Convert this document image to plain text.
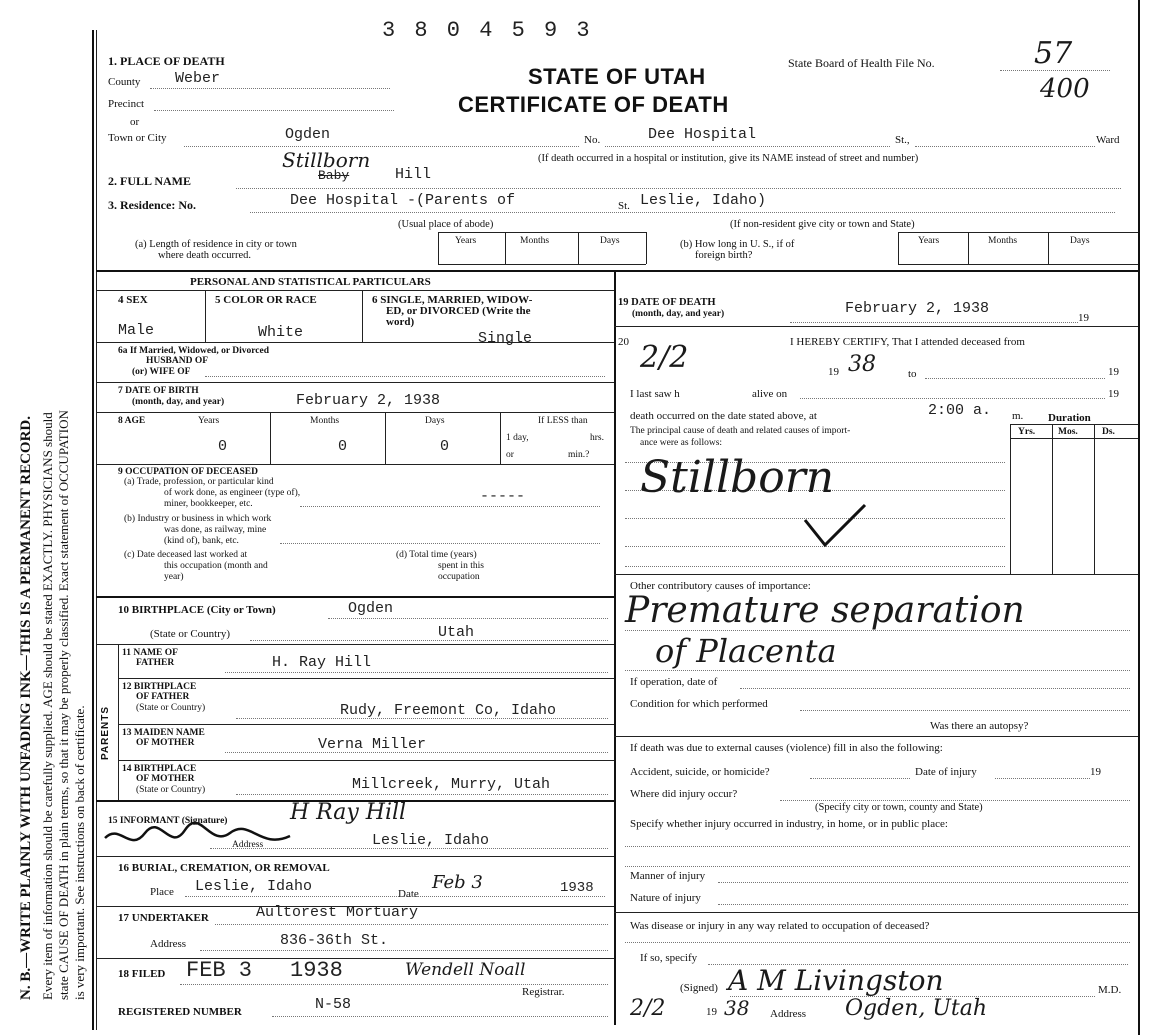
N. B.—WRITE PLAINLY WITH UNFADING INK—THIS IS A PERMANENT RECORD. Every item of information should be carefully supplied. AGE should be stated EXACTLY. PHYSICIANS should state CAUSE OF DEATH in plain terms, so that it may be properly classified. Exact statement of OCCUPATION is very important. See instructions on back of certificate.
3 8 0 4 5 9 3
STATE OF UTAH
CERTIFICATE OF DEATH
State Board of Health File No.	57
400
1. PLACE OF DEATH
County Weber
Precinct
or
Town or City	Ogden	No.	Dee Hospital	St.,	Ward
(If death occurred in a hospital or institution, give its NAME instead of street and number)
2. FULL NAME
Stillborn
Baby	Hill
3. Residence: No.	Dee Hospital -(Parents of	St. Leslie, Idaho)
(Usual place of abode)	(If non-resident give city or town and State)
(a) Length of residence in city or town
where death occurred.
Years	Months	Days	(b) How long in U. S., if of
foreign birth?
Years	Months	Days
PERSONAL AND STATISTICAL PARTICULARS
4 SEX
Male
5 COLOR OR RACE
White
6 SINGLE, MARRIED, WIDOW-
ED, or DIVORCED (Write the
word)
Single
6a If Married, Widowed, or Divorced
HUSBAND OF
(or) WIFE OF
7 DATE OF BIRTH
(month, day, and year)	February 2, 1938
8 AGE	Years	Months	Days
0	0	0
If LESS than
1 day,	hrs.
or	min.?
9 OCCUPATION OF DECEASED
(a) Trade, profession, or particular kind
of work done, as engineer (type of),
miner, bookkeeper, etc.	-----
(b) Industry or business in which work
was done, as railway, mine
(kind of), bank, etc.
(c) Date deceased last worked at
this occupation (month and
year)
(d) Total time (years)
spent in this
occupation
10 BIRTHPLACE (City or Town)	Ogden
(State or Country)	Utah
PARENTS
11 NAME OF
FATHER	H. Ray Hill
12 BIRTHPLACE
OF FATHER
(State or Country)	Rudy, Freemont Co, Idaho
13 MAIDEN NAME
OF MOTHER	Verna Miller
14 BIRTHPLACE
OF MOTHER
(State or Country)	Millcreek, Murry, Utah
15 INFORMANT (Signature)	H Ray Hill
Address	Leslie, Idaho
16 BURIAL, CREMATION, OR REMOVAL
Place Leslie, Idaho	Date
Feb 3	1938
17 UNDERTAKER	Aultorest Mortuary
Address	836-36th St.
18 FILED FEB 3 1938	Wendell Noall
Registrar.
REGISTERED NUMBER	N-58
19 DATE OF DEATH
(month, day, and year)	February 2, 1938
19
20	I HEREBY CERTIFY, That I attended deceased from
2/2	19 38	to	19
I last saw h	alive on	19
death occurred on the date stated above, at	2:00 a. m. Duration
The principal cause of death and related causes of import-
ance were as follows:
Yrs. Mos.	Ds.
Stillborn
Other contributory causes of importance:
Premature separation
of Placenta
If operation, date of
Condition for which performed
Was there an autopsy?
If death was due to external causes (violence) fill in also the following:
Accident, suicide, or homicide?	Date of injury	19
Where did injury occur?
(Specify city or town, county and State)
Specify whether injury occurred in industry, in home, or in public place:
Manner of injury
Nature of injury
Was disease or injury in any way related to occupation of deceased?
If so, specify
(Signed) A M Livingston	M.D.
2/2	19 38 Address Ogden, Utah
